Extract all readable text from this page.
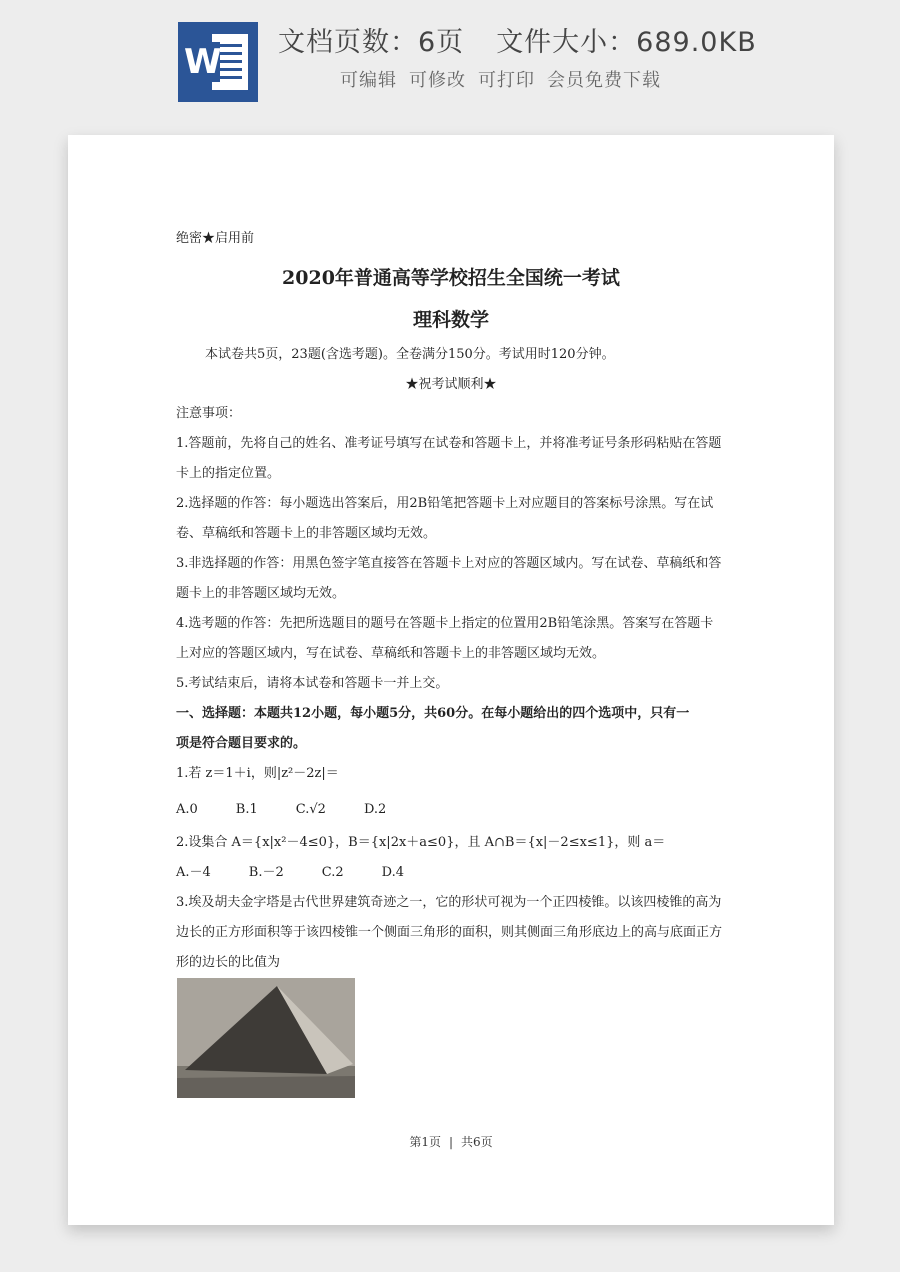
W 文档页数：6页 文件大小：689.0KB
可编辑 可修改 可打印 会员免费下载
绝密★启用前
2020年普通高等学校招生全国统一考试
理科数学
本试卷共5页，23题(含选考题)。全卷满分150分。考试用时120分钟。
★祝考试顺利★
注意事项：
1.答题前，先将自己的姓名、准考证号填写在试卷和答题卡上，并将准考证号条形码粘贴在答题卡上的指定位置。
2.选择题的作答：每小题选出答案后，用2B铅笔把答题卡上对应题目的答案标号涂黑。写在试卷、草稿纸和答题卡上的非答题区域均无效。
3.非选择题的作答：用黑色签字笔直接答在答题卡上对应的答题区域内。写在试卷、草稿纸和答题卡上的非答题区域均无效。
4.选考题的作答：先把所选题目的题号在答题卡上指定的位置用2B铅笔涂黑。答案写在答题卡上对应的答题区域内，写在试卷、草稿纸和答题卡上的非答题区域均无效。
5.考试结束后，请将本试卷和答题卡一并上交。
一、选择题：本题共12小题，每小题5分，共60分。在每小题给出的四个选项中，只有一项是符合题目要求的。
1.若 z＝1＋i，则|z²－2z|＝
A.0	B.1	C.√2	D.2
2.设集合 A＝{x|x²－4≤0}，B＝{x|2x＋a≤0}，且 A∩B＝{x|－2≤x≤1}，则 a＝
A.－4	B.－2	C.2	D.4
3.埃及胡夫金字塔是古代世界建筑奇迹之一，它的形状可视为一个正四棱锥。以该四棱锥的高为边长的正方形面积等于该四棱锥一个侧面三角形的面积，则其侧面三角形底边上的高与底面正方形的边长的比值为
第1页 | 共6页
